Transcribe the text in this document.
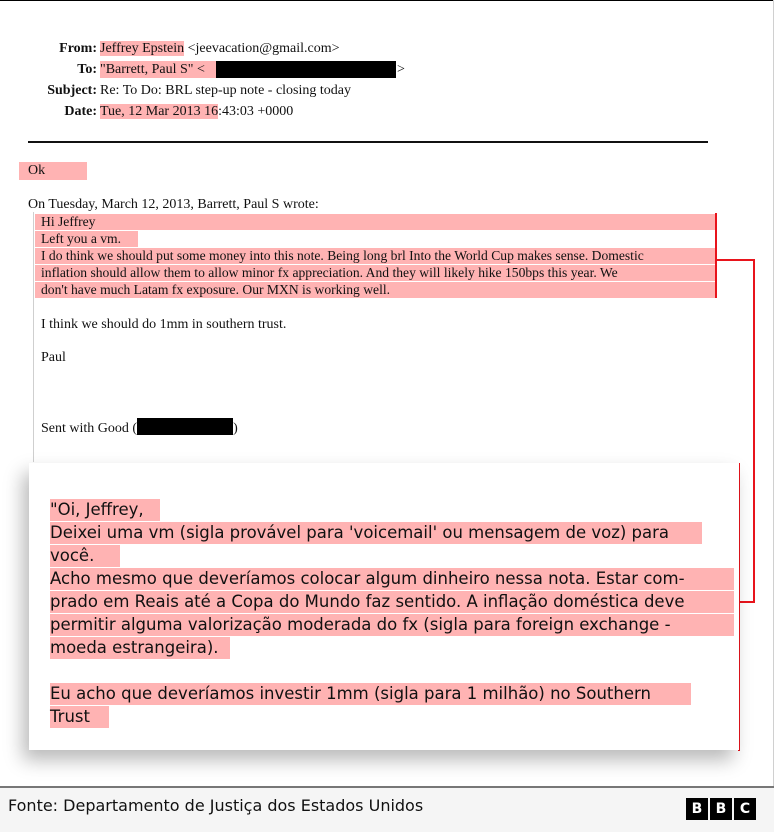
From: Jeffrey Epstein <jeevacation@gmail.com>
To: "Barrett, Paul S" <	>
Subject: Re: To Do: BRL step-up note - closing today
Date: Tue, 12 Mar 2013 16:43:03 +0000
Ok
On Tuesday, March 12, 2013, Barrett, Paul S wrote:
Hi Jeffrey
Left you a vm.
I do think we should put some money into this note. Being long brl Into the World Cup makes sense. Domestic
inflation should allow them to allow minor fx appreciation. And they will likely hike 150bps this year. We
don't have much Latam fx exposure. Our MXN is working well.
I think we should do 1mm in southern trust.
Paul
Sent with Good (	)
"Oi, Jeffrey,
Deixei uma vm (sigla provável para 'voicemail' ou mensagem de voz) para
você.
Acho mesmo que deveríamos colocar algum dinheiro nessa nota. Estar com-
prado em Reais até a Copa do Mundo faz sentido. A inflação doméstica deve
permitir alguma valorização moderada do fx (sigla para foreign exchange -
moeda estrangeira).
Eu acho que deveríamos investir 1mm (sigla para 1 milhão) no Southern
Trust
Fonte: Departamento de Justiça dos Estados Unidos	B B C
